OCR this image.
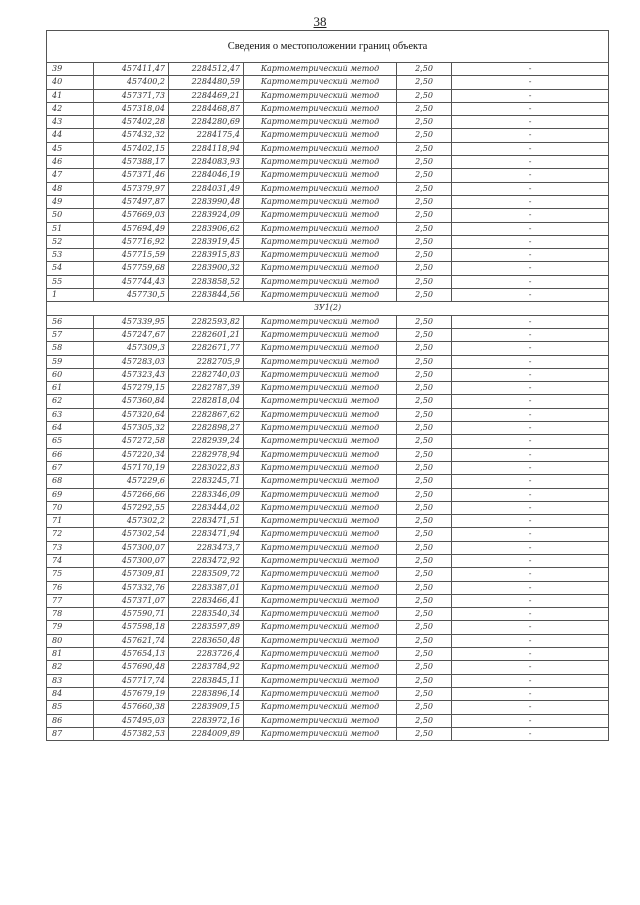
38
Сведения о местоположении границ объекта					
39	457411,47	2284512,47	Картометрический метод	2,50	-
40	457400,2	2284480,59	Картометрический метод	2,50	-
41	457371,73	2284469,21	Картометрический метод	2,50	-
42	457318,04	2284468,87	Картометрический метод	2,50	-
43	457402,28	2284280,69	Картометрический метод	2,50	-
44	457432,32	2284175,4	Картометрический метод	2,50	-
45	457402,15	2284118,94	Картометрический метод	2,50	-
46	457388,17	2284083,93	Картометрический метод	2,50	-
47	457371,46	2284046,19	Картометрический метод	2,50	-
48	457379,97	2284031,49	Картометрический метод	2,50	-
49	457497,87	2283990,48	Картометрический метод	2,50	-
50	457669,03	2283924,09	Картометрический метод	2,50	-
51	457694,49	2283906,62	Картометрический метод	2,50	-
52	457716,92	2283919,45	Картометрический метод	2,50	-
53	457715,59	2283915,83	Картометрический метод	2,50	-
54	457759,68	2283900,32	Картометрический метод	2,50	-
55	457744,43	2283858,52	Картометрический метод	2,50	-
1	457730,5	2283844,56	Картометрический метод	2,50	-
ЗУ1(2)					
56	457339,95	2282593,82	Картометрический метод	2,50	-
57	457247,67	2282601,21	Картометрический метод	2,50	-
58	457309,3	2282671,77	Картометрический метод	2,50	-
59	457283,03	2282705,9	Картометрический метод	2,50	-
60	457323,43	2282740,03	Картометрический метод	2,50	-
61	457279,15	2282787,39	Картометрический метод	2,50	-
62	457360,84	2282818,04	Картометрический метод	2,50	-
63	457320,64	2282867,62	Картометрический метод	2,50	-
64	457305,32	2282898,27	Картометрический метод	2,50	-
65	457272,58	2282939,24	Картометрический метод	2,50	-
66	457220,34	2282978,94	Картометрический метод	2,50	-
67	457170,19	2283022,83	Картометрический метод	2,50	-
68	457229,6	2283245,71	Картометрический метод	2,50	-
69	457266,66	2283346,09	Картометрический метод	2,50	-
70	457292,55	2283444,02	Картометрический метод	2,50	-
71	457302,2	2283471,51	Картометрический метод	2,50	-
72	457302,54	2283471,94	Картометрический метод	2,50	-
73	457300,07	2283473,7	Картометрический метод	2,50	-
74	457300,07	2283472,92	Картометрический метод	2,50	-
75	457309,81	2283509,72	Картометрический метод	2,50	-
76	457332,76	2283387,01	Картометрический метод	2,50	-
77	457371,07	2283466,41	Картометрический метод	2,50	-
78	457590,71	2283540,34	Картометрический метод	2,50	-
79	457598,18	2283597,89	Картометрический метод	2,50	-
80	457621,74	2283650,48	Картометрический метод	2,50	-
81	457654,13	2283726,4	Картометрический метод	2,50	-
82	457690,48	2283784,92	Картометрический метод	2,50	-
83	457717,74	2283845,11	Картометрический метод	2,50	-
84	457679,19	2283896,14	Картометрический метод	2,50	-
85	457660,38	2283909,15	Картометрический метод	2,50	-
86	457495,03	2283972,16	Картометрический метод	2,50	-
87	457382,53	2284009,89	Картометрический метод	2,50	-
